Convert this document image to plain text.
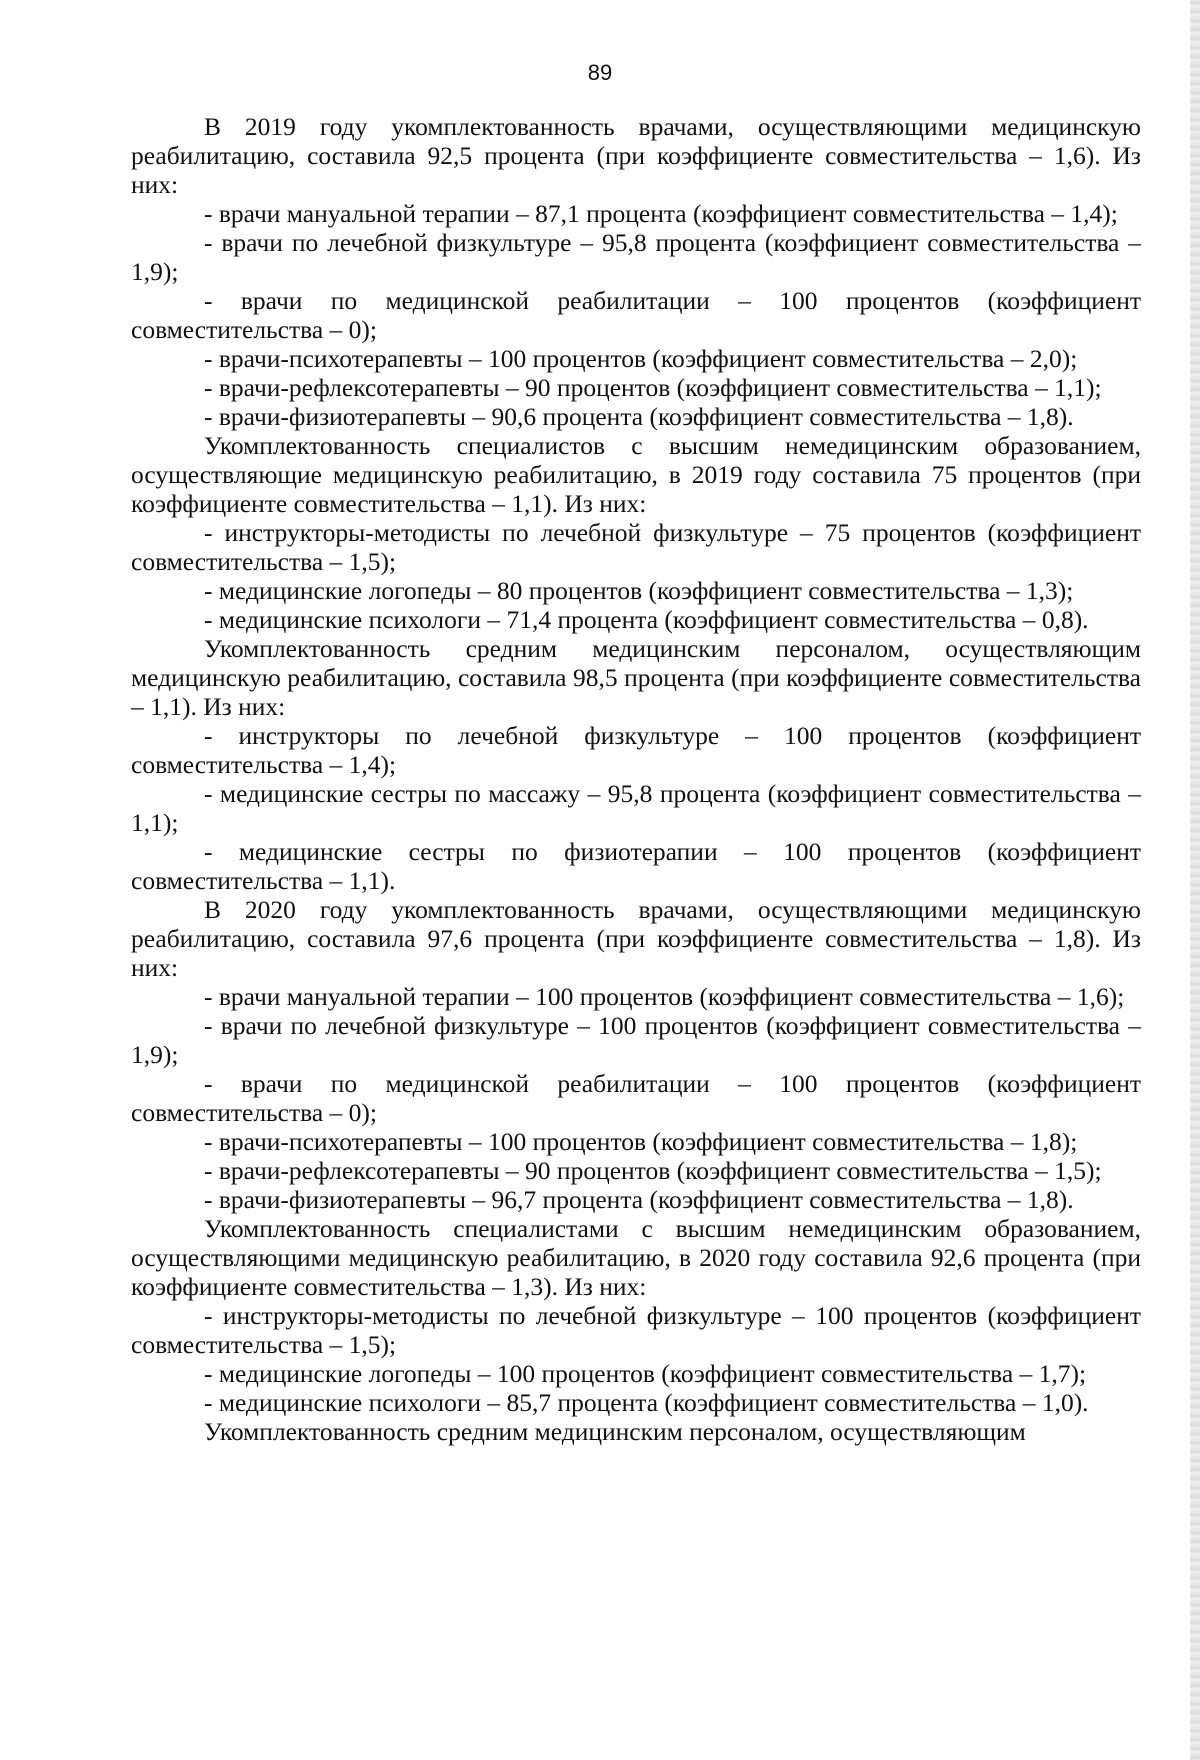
89

В 2019 году укомплектованность врачами, осуществляющими медицинскую реабилитацию, составила 92,5 процента (при коэффициенте совместительства – 1,6). Из них:

- врачи мануальной терапии – 87,1 процента (коэффициент совместительства – 1,4);

- врачи по лечебной физкультуре – 95,8 процента (коэффициент совместительства – 1,9);

- врачи по медицинской реабилитации – 100 процентов (коэффициент совместительства – 0);

- врачи-психотерапевты – 100 процентов (коэффициент совместительства – 2,0);

- врачи-рефлексотерапевты – 90 процентов (коэффициент совместительства – 1,1);

- врачи-физиотерапевты – 90,6 процента (коэффициент совместительства – 1,8).

Укомплектованность специалистов с высшим немедицинским образованием, осуществляющие медицинскую реабилитацию, в 2019 году составила 75 процентов (при коэффициенте совместительства – 1,1). Из них:

- инструкторы-методисты по лечебной физкультуре – 75 процентов (коэффициент совместительства – 1,5);

- медицинские логопеды – 80 процентов (коэффициент совместительства – 1,3);

- медицинские психологи – 71,4 процента (коэффициент совместительства – 0,8).

Укомплектованность средним медицинским персоналом, осуществляющим медицинскую реабилитацию, составила 98,5 процента (при коэффициенте совместительства – 1,1). Из них:

- инструкторы по лечебной физкультуре – 100 процентов (коэффициент совместительства – 1,4);

- медицинские сестры по массажу – 95,8 процента (коэффициент совместительства – 1,1);

- медицинские сестры по физиотерапии – 100 процентов (коэффициент совместительства – 1,1).

В 2020 году укомплектованность врачами, осуществляющими медицинскую реабилитацию, составила 97,6 процента (при коэффициенте совместительства – 1,8). Из них:

- врачи мануальной терапии – 100 процентов (коэффициент совместительства – 1,6);

- врачи по лечебной физкультуре – 100 процентов (коэффициент совместительства – 1,9);

- врачи по медицинской реабилитации – 100 процентов (коэффициент совместительства – 0);

- врачи-психотерапевты – 100 процентов (коэффициент совместительства – 1,8);

- врачи-рефлексотерапевты – 90 процентов (коэффициент совместительства – 1,5);

- врачи-физиотерапевты – 96,7 процента (коэффициент совместительства – 1,8).

Укомплектованность специалистами с высшим немедицинским образованием, осуществляющими медицинскую реабилитацию, в 2020 году составила 92,6 процента (при коэффициенте совместительства – 1,3). Из них:

- инструкторы-методисты по лечебной физкультуре – 100 процентов (коэффициент совместительства – 1,5);

- медицинские логопеды – 100 процентов (коэффициент совместительства – 1,7);

- медицинские психологи – 85,7 процента (коэффициент совместительства – 1,0).

Укомплектованность средним медицинским персоналом, осуществляющим
